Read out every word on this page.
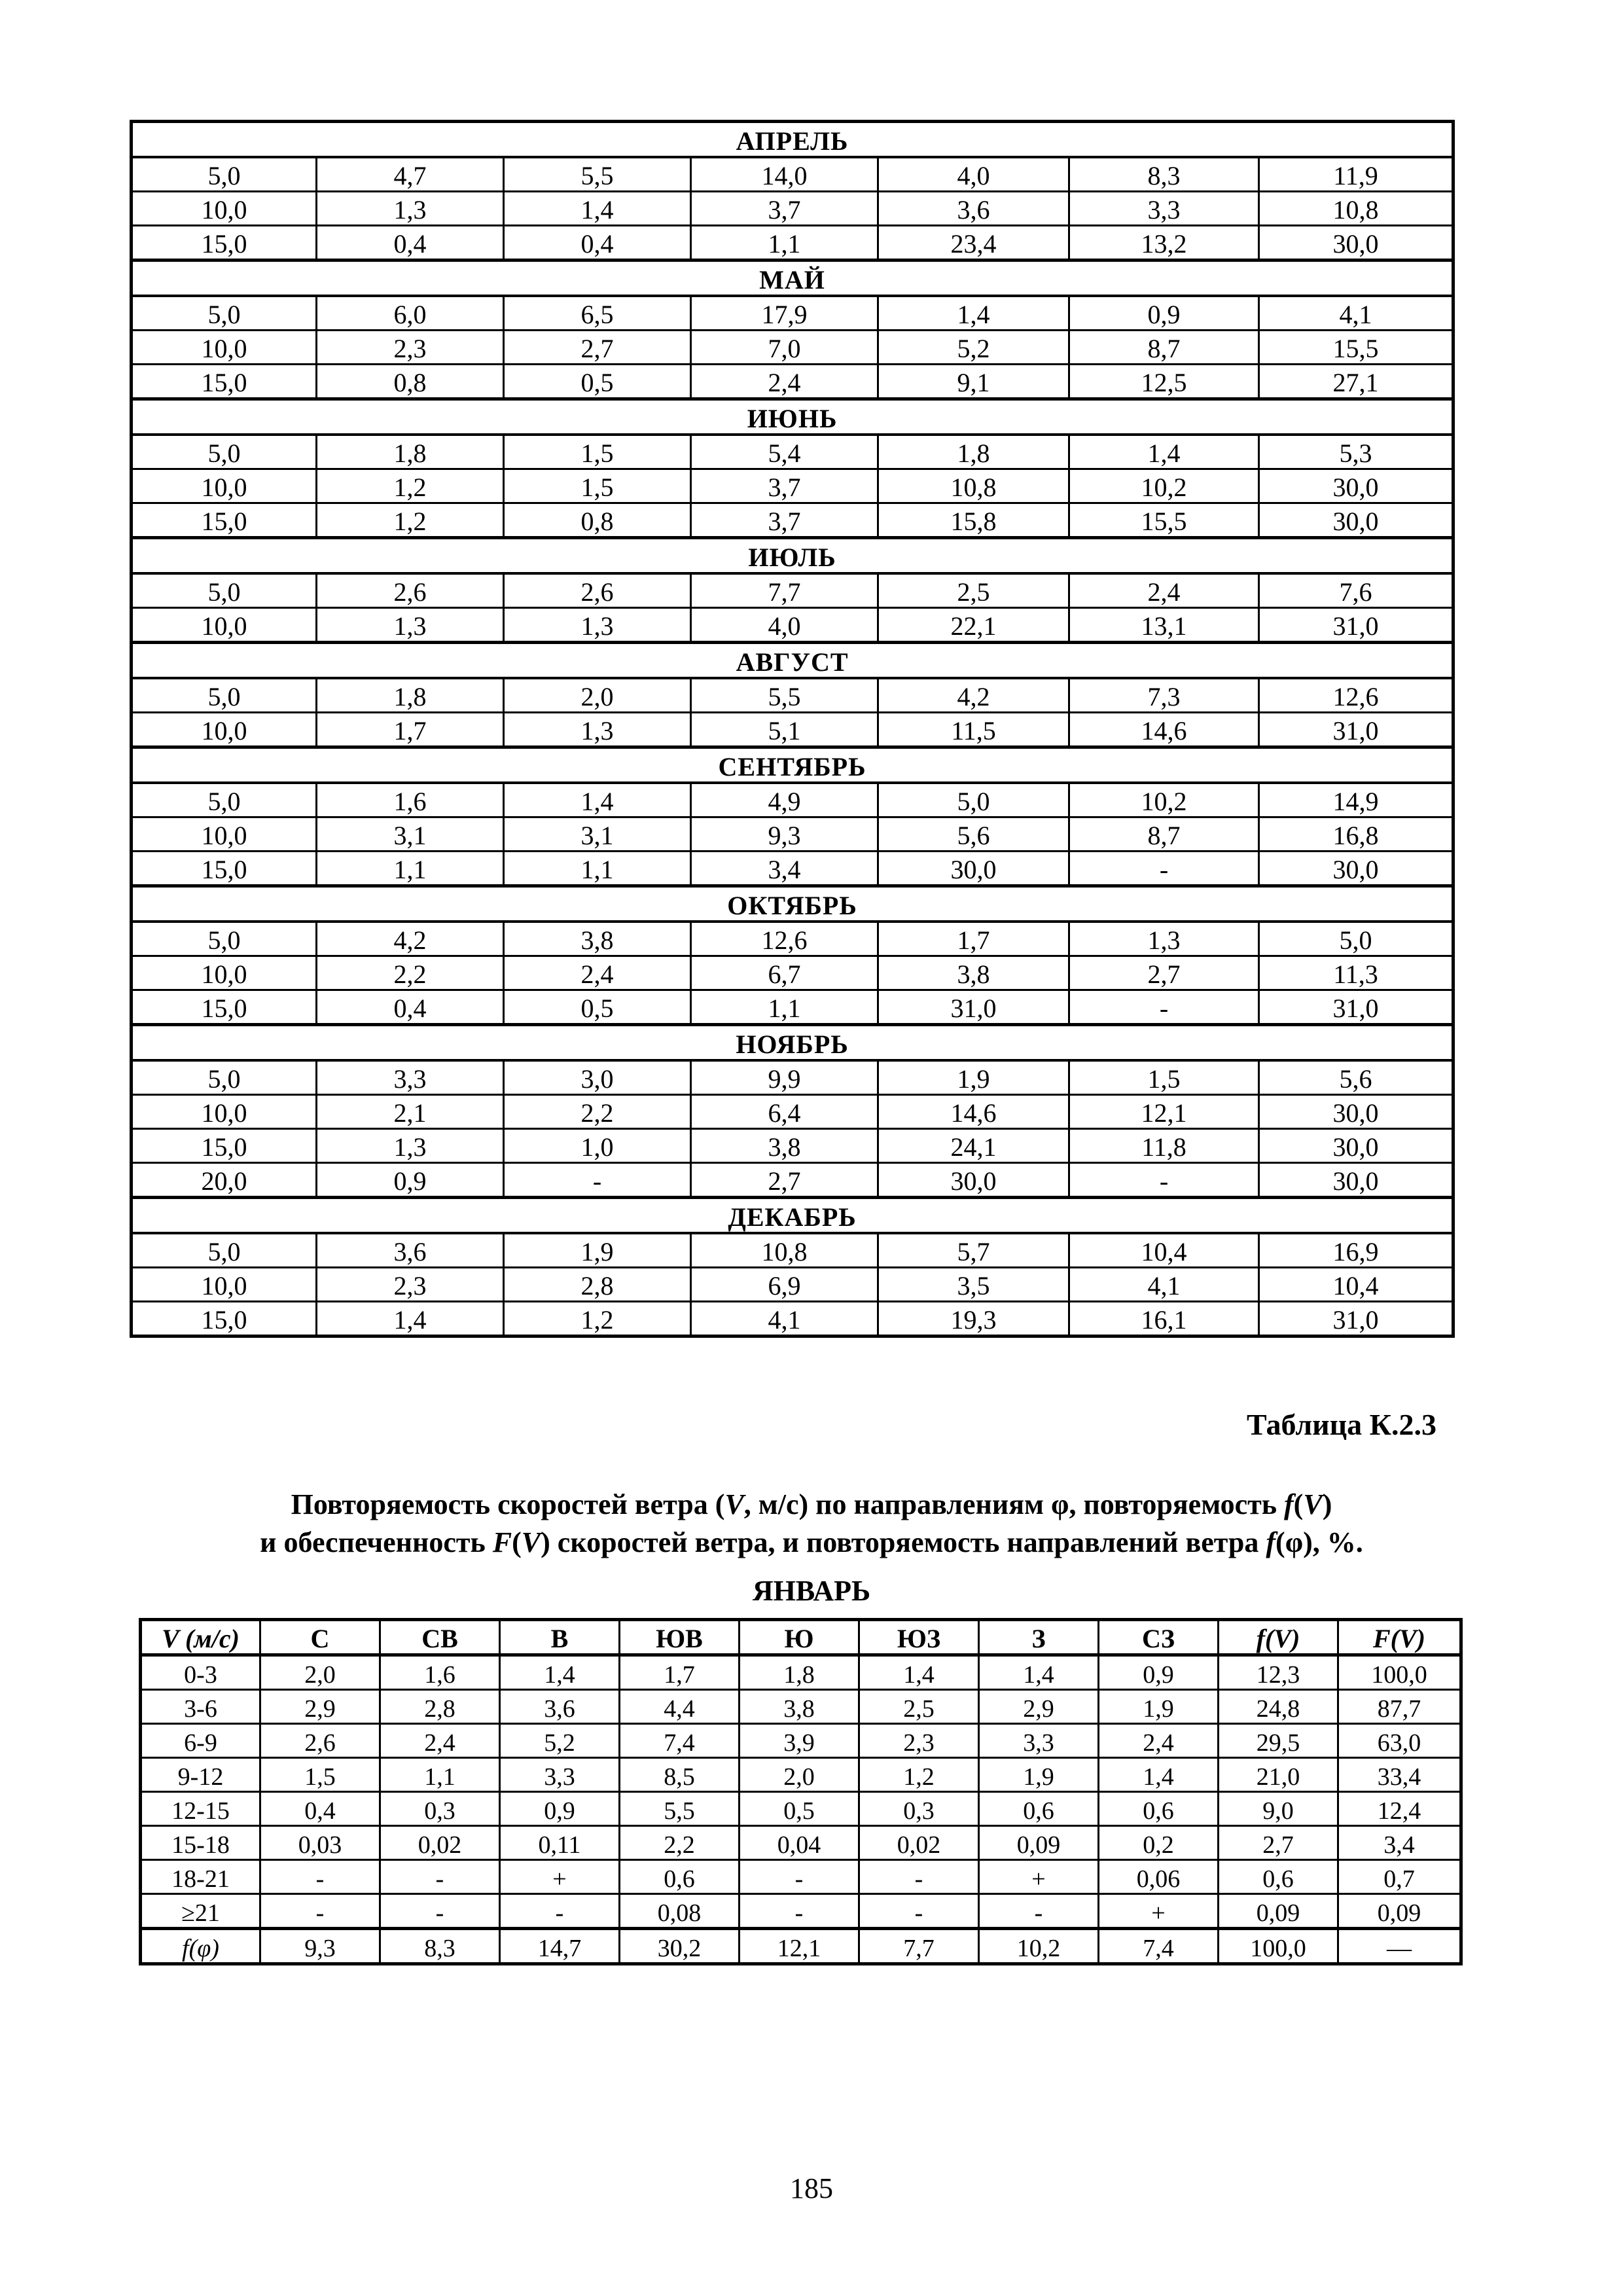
АПРЕЛЬ						
5,0	4,7	5,5	14,0	4,0	8,3	11,9
10,0	1,3	1,4	3,7	3,6	3,3	10,8
15,0	0,4	0,4	1,1	23,4	13,2	30,0
МАЙ						
5,0	6,0	6,5	17,9	1,4	0,9	4,1
10,0	2,3	2,7	7,0	5,2	8,7	15,5
15,0	0,8	0,5	2,4	9,1	12,5	27,1
ИЮНЬ						
5,0	1,8	1,5	5,4	1,8	1,4	5,3
10,0	1,2	1,5	3,7	10,8	10,2	30,0
15,0	1,2	0,8	3,7	15,8	15,5	30,0
ИЮЛЬ						
5,0	2,6	2,6	7,7	2,5	2,4	7,6
10,0	1,3	1,3	4,0	22,1	13,1	31,0
АВГУСТ						
5,0	1,8	2,0	5,5	4,2	7,3	12,6
10,0	1,7	1,3	5,1	11,5	14,6	31,0
СЕНТЯБРЬ						
5,0	1,6	1,4	4,9	5,0	10,2	14,9
10,0	3,1	3,1	9,3	5,6	8,7	16,8
15,0	1,1	1,1	3,4	30,0	-	30,0
ОКТЯБРЬ						
5,0	4,2	3,8	12,6	1,7	1,3	5,0
10,0	2,2	2,4	6,7	3,8	2,7	11,3
15,0	0,4	0,5	1,1	31,0	-	31,0
НОЯБРЬ						
5,0	3,3	3,0	9,9	1,9	1,5	5,6
10,0	2,1	2,2	6,4	14,6	12,1	30,0
15,0	1,3	1,0	3,8	24,1	11,8	30,0
20,0	0,9	-	2,7	30,0	-	30,0
ДЕКАБРЬ						
5,0	3,6	1,9	10,8	5,7	10,4	16,9
10,0	2,3	2,8	6,9	3,5	4,1	10,4
15,0	1,4	1,2	4,1	19,3	16,1	31,0
Таблица К.2.3
Повторяемость скоростей ветра (V, м/с) по направлениям φ, повторяемость f(V)
и обеспеченность F(V) скоростей ветра, и повторяемость направлений ветра f(φ), %.
ЯНВАРЬ
V (м/с)	С	СВ	В	ЮВ	Ю	ЮЗ	З	СЗ	f(V)	F(V)
0-3	2,0	1,6	1,4	1,7	1,8	1,4	1,4	0,9	12,3	100,0
3-6	2,9	2,8	3,6	4,4	3,8	2,5	2,9	1,9	24,8	87,7
6-9	2,6	2,4	5,2	7,4	3,9	2,3	3,3	2,4	29,5	63,0
9-12	1,5	1,1	3,3	8,5	2,0	1,2	1,9	1,4	21,0	33,4
12-15	0,4	0,3	0,9	5,5	0,5	0,3	0,6	0,6	9,0	12,4
15-18	0,03	0,02	0,11	2,2	0,04	0,02	0,09	0,2	2,7	3,4
18-21	-	-	+	0,6	-	-	+	0,06	0,6	0,7
≥21	-	-	-	0,08	-	-	-	+	0,09	0,09
f(φ)	9,3	8,3	14,7	30,2	12,1	7,7	10,2	7,4	100,0	—
185
